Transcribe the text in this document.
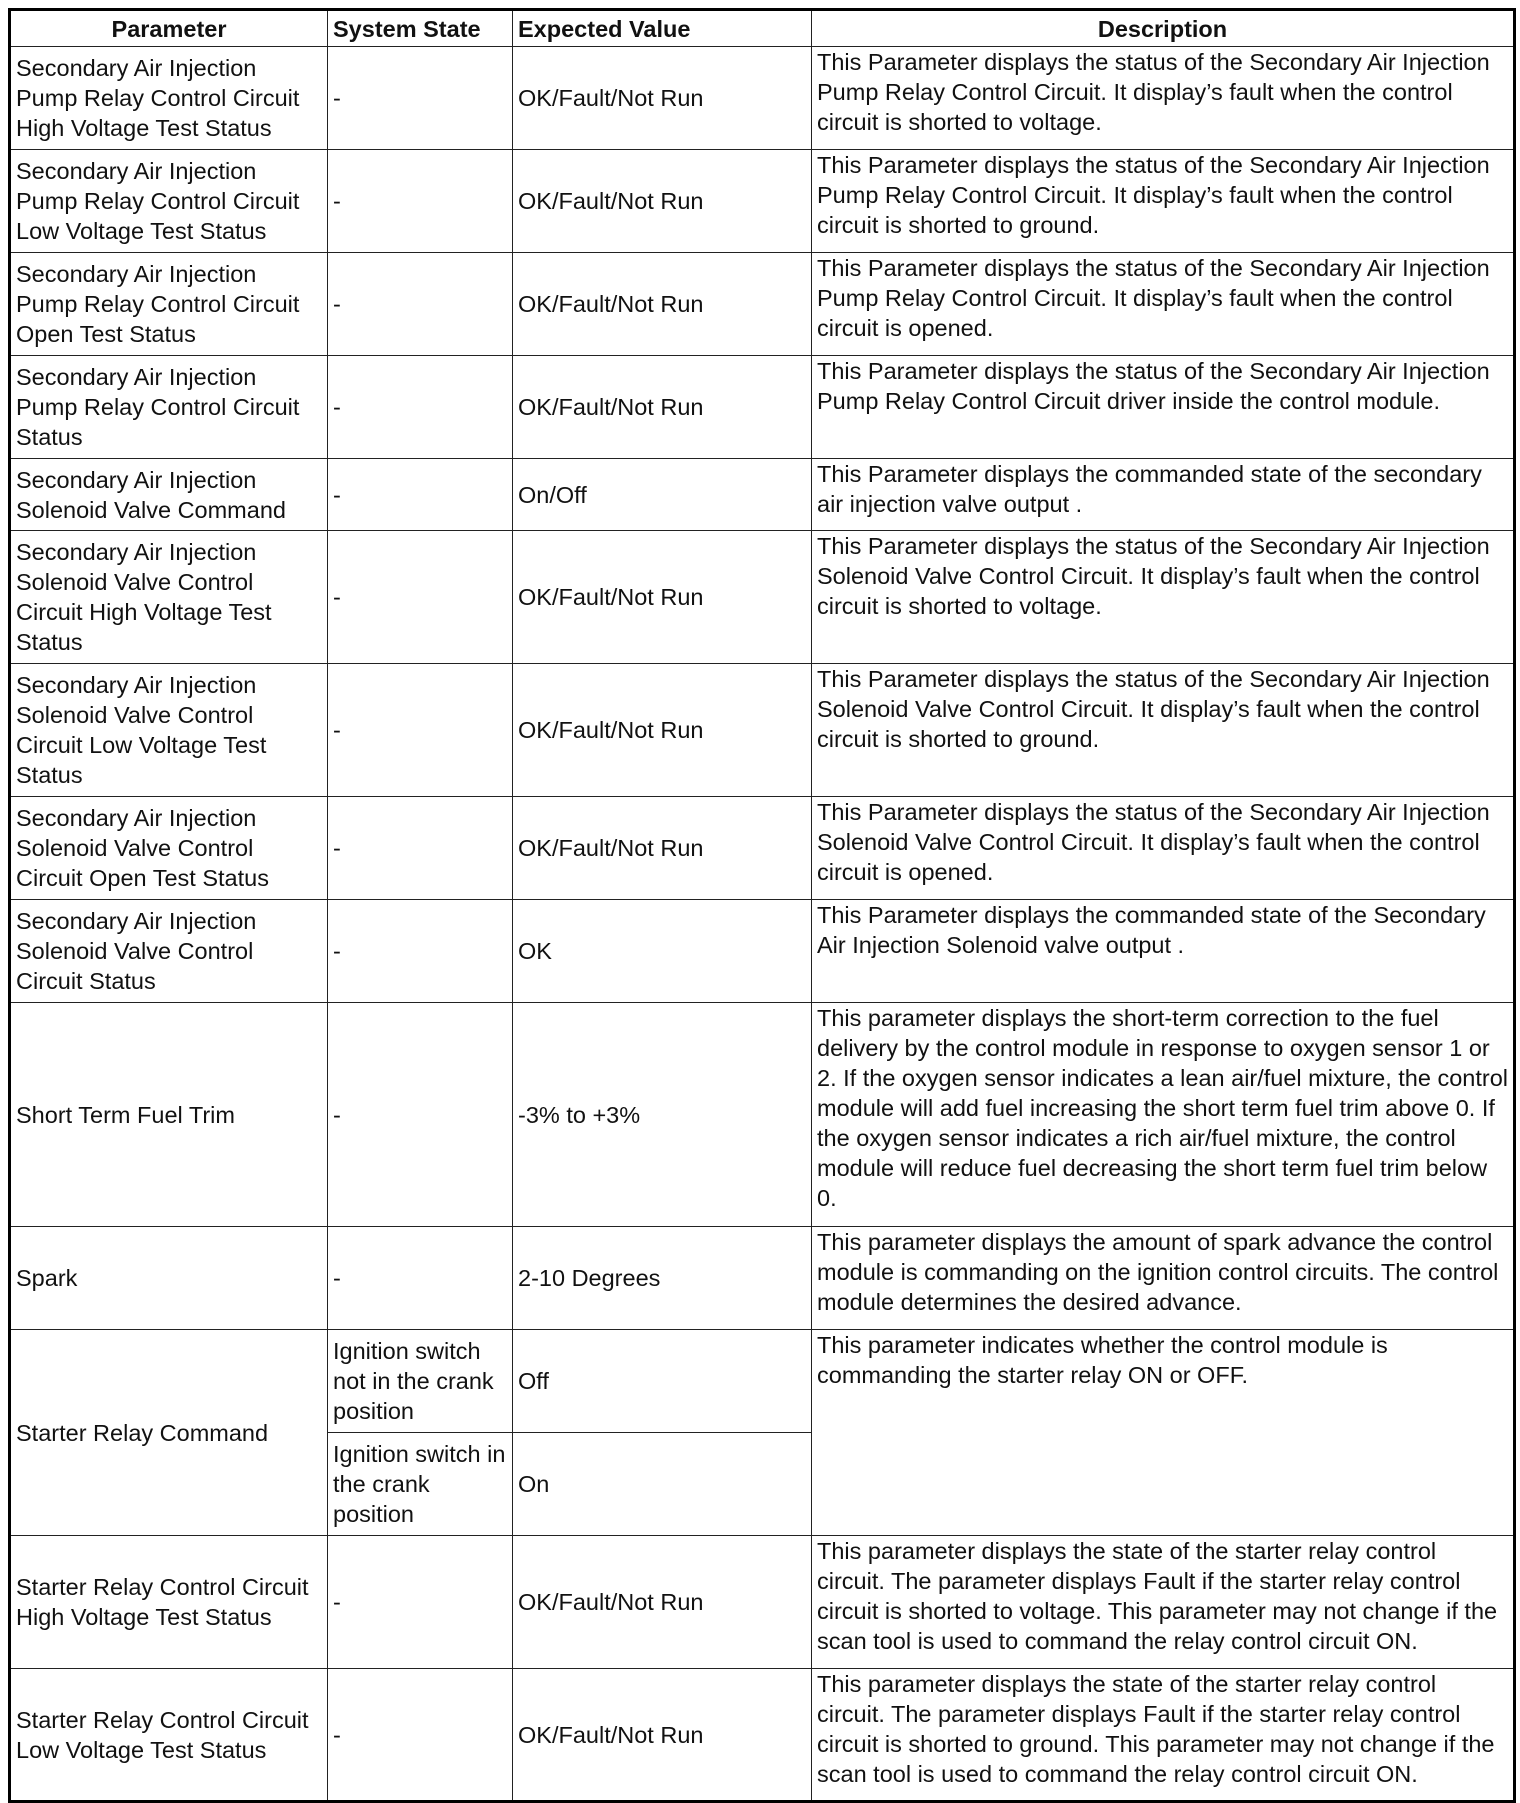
Parameter	System State	Expected Value	Description
Secondary Air Injection Pump Relay Control Circuit High Voltage Test Status	-	OK/Fault/Not Run	This Parameter displays the status of the Secondary Air Injection Pump Relay Control Circuit. It display’s fault when the control circuit is shorted to voltage.
Secondary Air Injection Pump Relay Control Circuit Low Voltage Test Status	-	OK/Fault/Not Run	This Parameter displays the status of the Secondary Air Injection Pump Relay Control Circuit. It display’s fault when the control circuit is shorted to ground.
Secondary Air Injection Pump Relay Control Circuit Open Test Status	-	OK/Fault/Not Run	This Parameter displays the status of the Secondary Air Injection Pump Relay Control Circuit. It display’s fault when the control circuit is opened.
Secondary Air Injection Pump Relay Control Circuit Status	-	OK/Fault/Not Run	This Parameter displays the status of the Secondary Air Injection Pump Relay Control Circuit driver inside the control module.
Secondary Air Injection Solenoid Valve Command	-	On/Off	This Parameter displays the commanded state of the secondary air injection valve output .
Secondary Air Injection Solenoid Valve Control Circuit High Voltage Test Status	-	OK/Fault/Not Run	This Parameter displays the status of the Secondary Air Injection Solenoid Valve Control Circuit. It display’s fault when the control circuit is shorted to voltage.
Secondary Air Injection Solenoid Valve Control Circuit Low Voltage Test Status	-	OK/Fault/Not Run	This Parameter displays the status of the Secondary Air Injection Solenoid Valve Control Circuit. It display’s fault when the control circuit is shorted to ground.
Secondary Air Injection Solenoid Valve Control Circuit Open Test Status	-	OK/Fault/Not Run	This Parameter displays the status of the Secondary Air Injection Solenoid Valve Control Circuit. It display’s fault when the control circuit is opened.
Secondary Air Injection Solenoid Valve Control Circuit Status	-	OK	This Parameter displays the commanded state of the Secondary Air Injection Solenoid valve output .
Short Term Fuel Trim	-	-3% to +3%	This parameter displays the short-term correction to the fuel delivery by the control module in response to oxygen sensor 1 or 2. If the oxygen sensor indicates a lean air/fuel mixture, the control module will add fuel increasing the short term fuel trim above 0. If the oxygen sensor indicates a rich air/fuel mixture, the control module will reduce fuel decreasing the short term fuel trim below 0.
Spark	-	2-10 Degrees	This parameter displays the amount of spark advance the control module is commanding on the ignition control circuits. The control module determines the desired advance.
Starter Relay Command	Ignition switch not in the crank position	Off	This parameter indicates whether the control module is commanding the starter relay ON or OFF.
	Ignition switch in the crank position	On	
Starter Relay Control Circuit High Voltage Test Status	-	OK/Fault/Not Run	This parameter displays the state of the starter relay control circuit. The parameter displays Fault if the starter relay control circuit is shorted to voltage. This parameter may not change if the scan tool is used to command the relay control circuit ON.
Starter Relay Control Circuit Low Voltage Test Status	-	OK/Fault/Not Run	This parameter displays the state of the starter relay control circuit. The parameter displays Fault if the starter relay control circuit is shorted to ground. This parameter may not change if the scan tool is used to command the relay control circuit ON.
